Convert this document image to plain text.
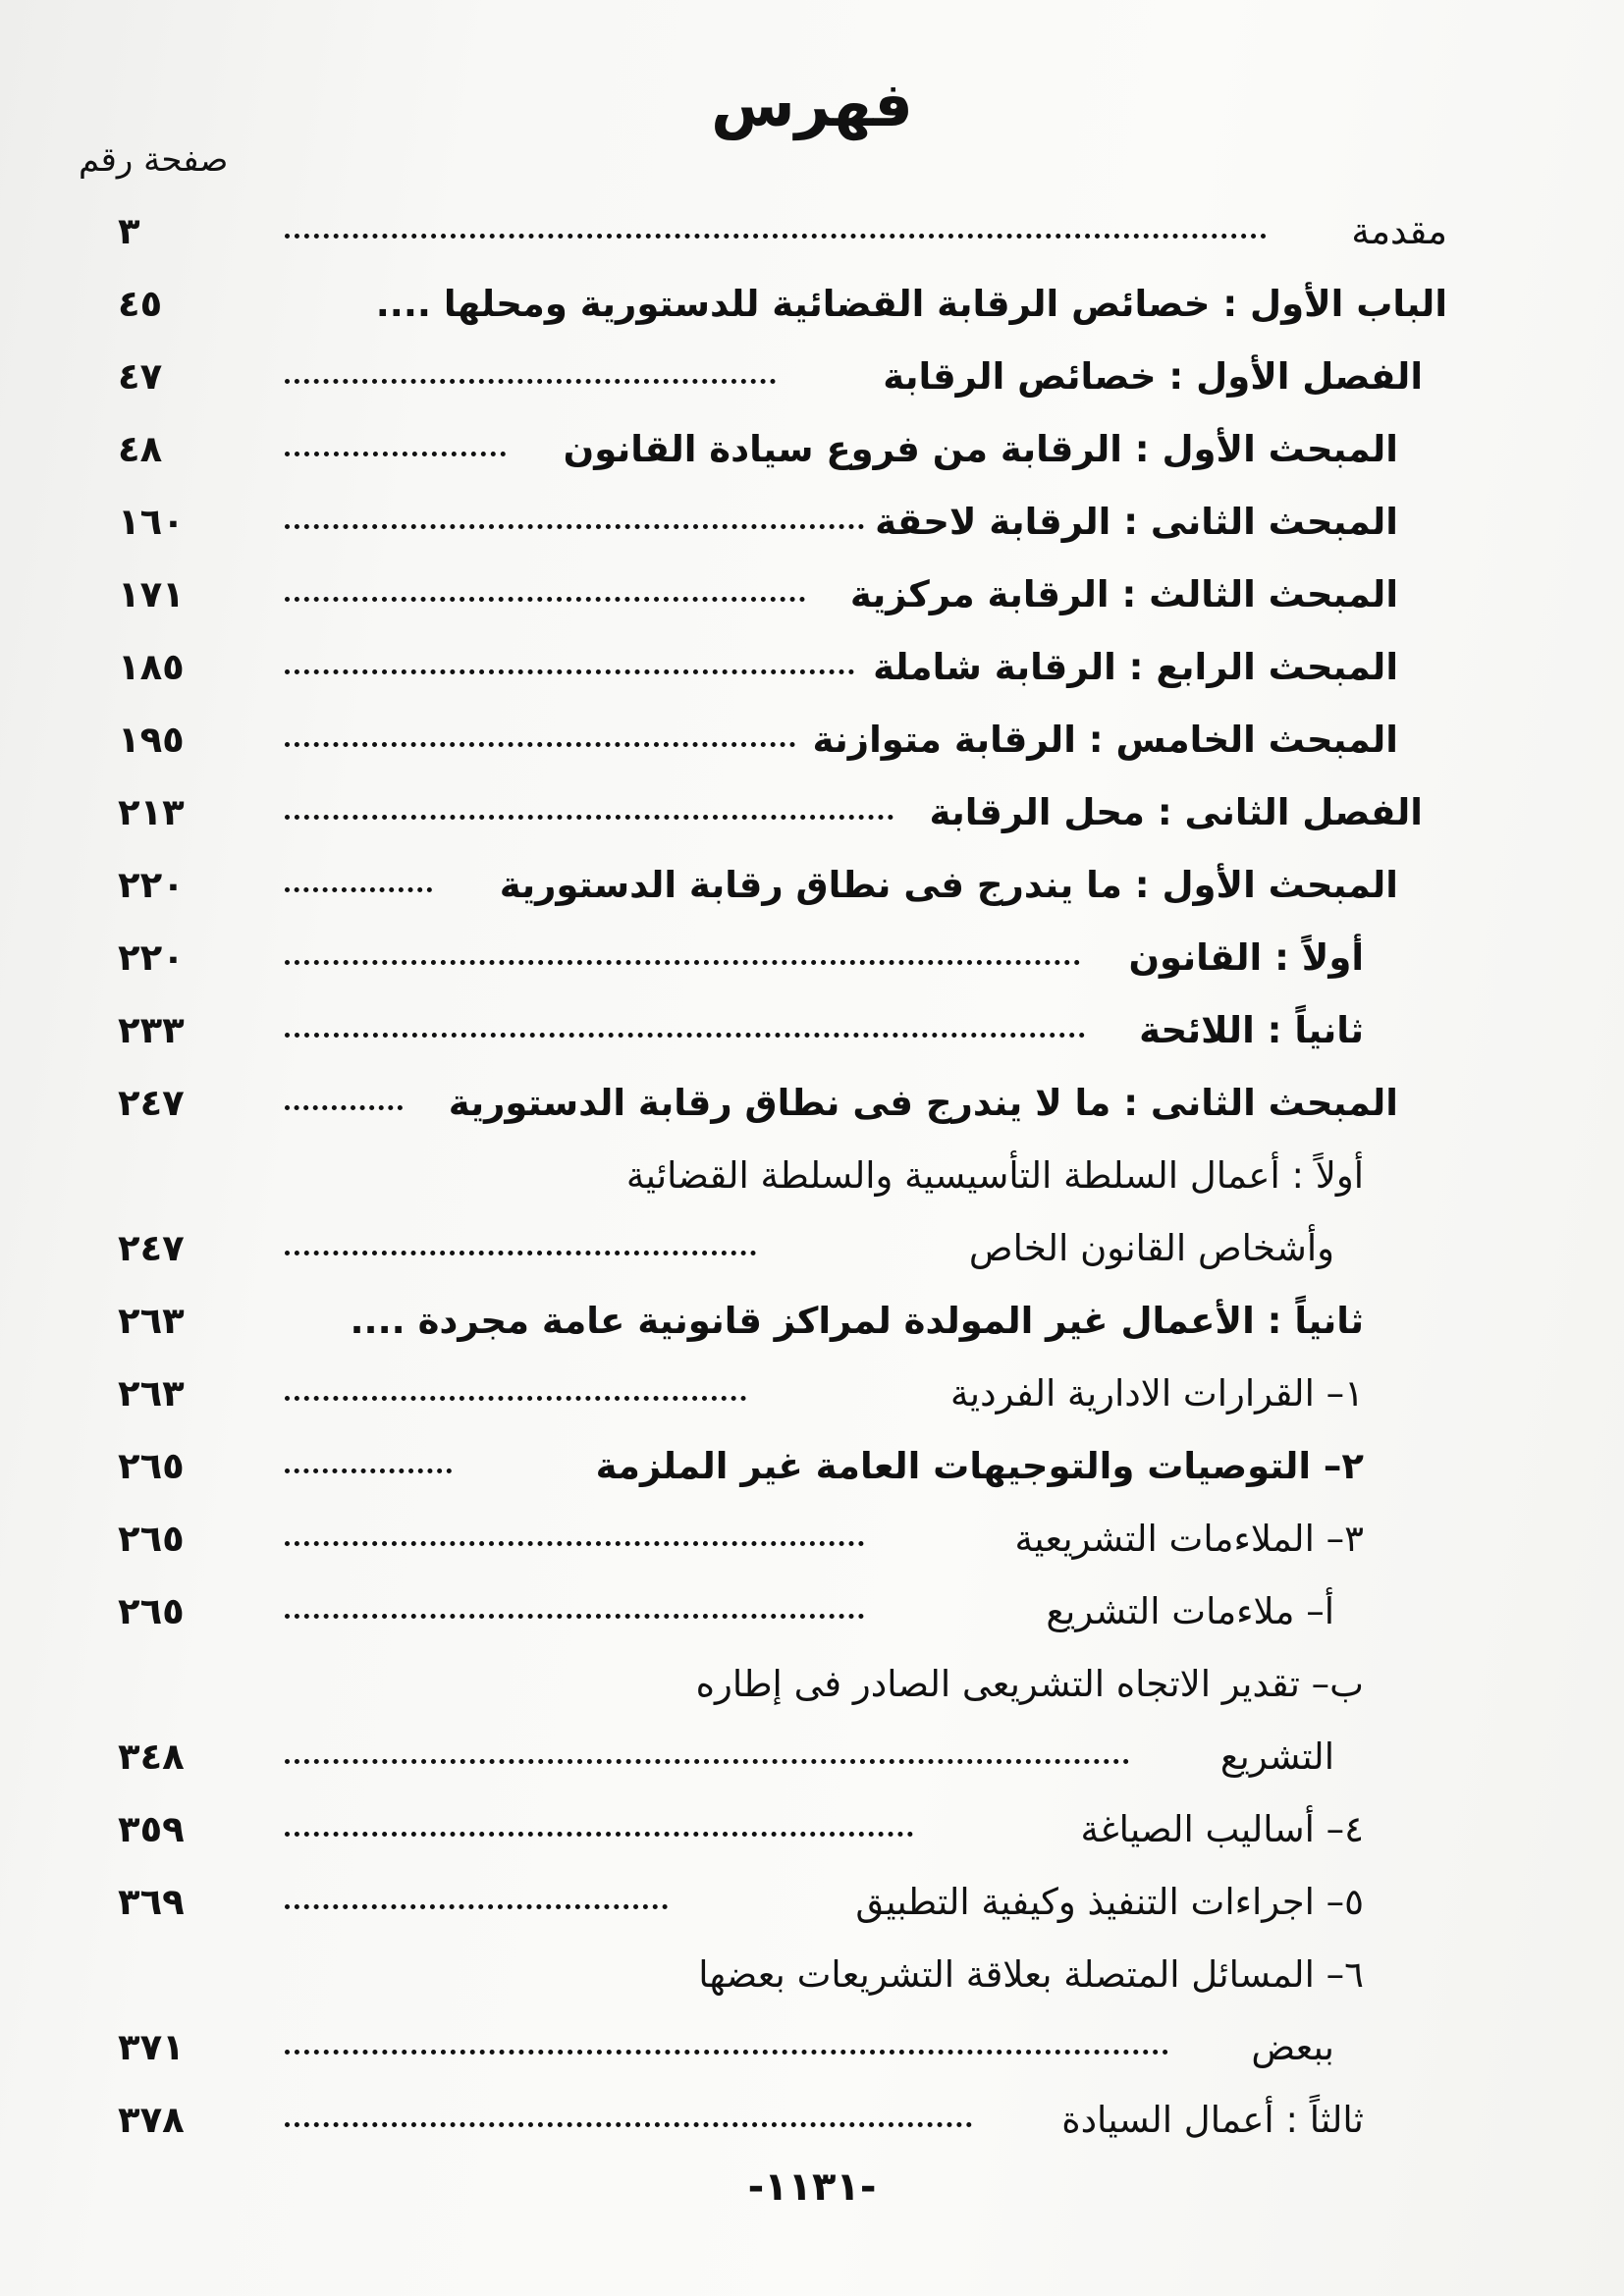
فهرس
صفحة رقم
مقدمة
٣
الباب الأول : خصائص الرقابة القضائية للدستورية ومحلها ....
٤٥
الفصل الأول : خصائص الرقابة
٤٧
المبحث الأول : الرقابة من فروع سيادة القانون
٤٨
المبحث الثانى : الرقابة لاحقة
١٦٠
المبحث الثالث : الرقابة مركزية
١٧١
المبحث الرابع : الرقابة شاملة
١٨٥
المبحث الخامس : الرقابة متوازنة
١٩٥
الفصل الثانى : محل الرقابة
٢١٣
المبحث الأول : ما يندرج فى نطاق رقابة الدستورية
٢٢٠
أولاً : القانون
٢٢٠
ثانياً : اللائحة
٢٣٣
المبحث الثانى : ما لا يندرج فى نطاق رقابة الدستورية
٢٤٧
أولاً : أعمال السلطة التأسيسية والسلطة القضائية
وأشخاص القانون الخاص
٢٤٧
ثانياً : الأعمال غير المولدة لمراكز قانونية عامة مجردة ....
٢٦٣
١– القرارات الادارية الفردية
٢٦٣
٢– التوصيات والتوجيهات العامة غير الملزمة
٢٦٥
٣– الملاءمات التشريعية
٢٦٥
أ– ملاءمات التشريع
٢٦٥
ب– تقدير الاتجاه التشريعى الصادر فى إطاره
التشريع
٣٤٨
٤– أساليب الصياغة
٣٥٩
٥– اجراءات التنفيذ وكيفية التطبيق
٣٦٩
٦– المسائل المتصلة بعلاقة التشريعات بعضها
ببعض
٣٧١
ثالثاً : أعمال السيادة
٣٧٨
-١١٣١-
